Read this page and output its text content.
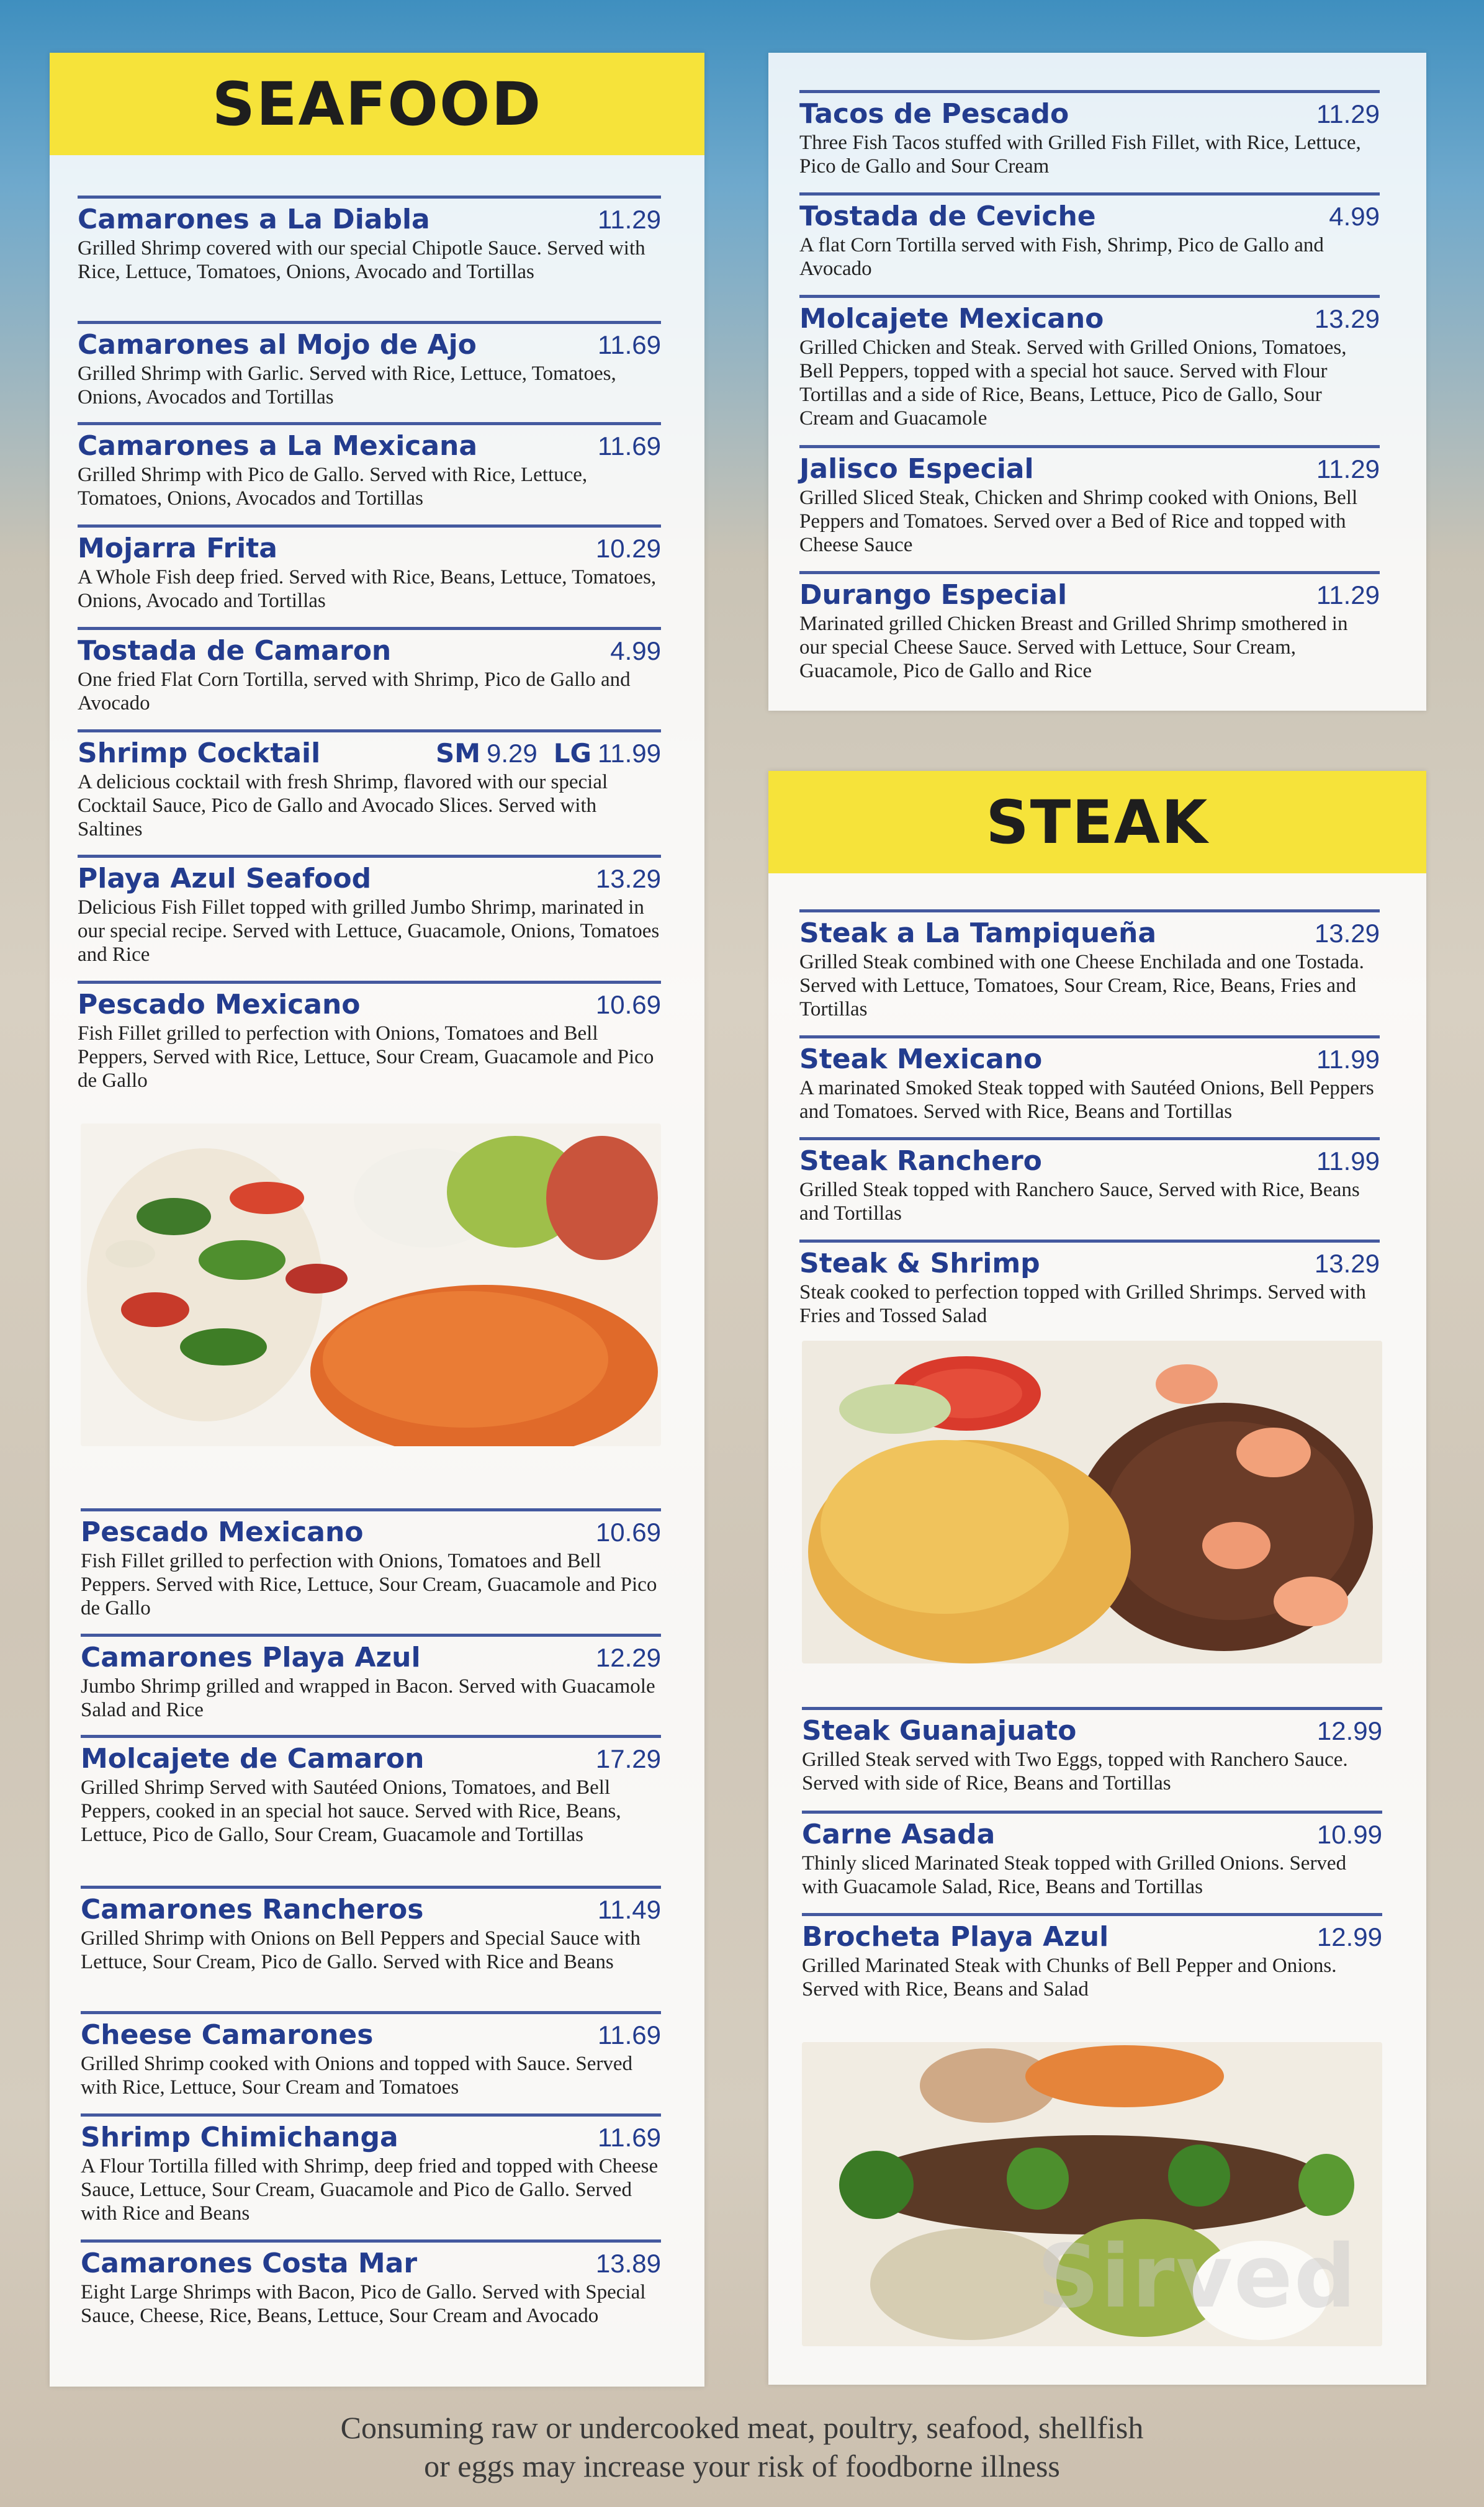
SEAFOOD
STEAK
Camarones a La Diabla	11.29
Grilled Shrimp covered with our special Chipotle Sauce. Served with Rice, Lettuce, Tomatoes, Onions, Avocado and Tortillas
Camarones al Mojo de Ajo	11.69
Grilled Shrimp with Garlic. Served with Rice, Lettuce, Tomatoes, Onions, Avocados and Tortillas
Camarones a La Mexicana	11.69
Grilled Shrimp with Pico de Gallo. Served with Rice, Lettuce, Tomatoes, Onions, Avocados and Tortillas
Mojarra Frita	10.29
A Whole Fish deep fried. Served with Rice, Beans, Lettuce, Tomatoes, Onions, Avocado and Tortillas
Tostada de Camaron	4.99
One fried Flat Corn Tortilla, served with Shrimp, Pico de Gallo and Avocado
Shrimp Cocktail	SM 9.29 LG 11.99
A delicious cocktail with fresh Shrimp, flavored with our special Cocktail Sauce, Pico de Gallo and Avocado Slices. Served with Saltines
Playa Azul Seafood	13.29
Delicious Fish Fillet topped with grilled Jumbo Shrimp, marinated in our special recipe. Served with Lettuce, Guacamole, Onions, Tomatoes and Rice
Pescado Mexicano	10.69
Fish Fillet grilled to perfection with Onions, Tomatoes and Bell Peppers, Served with Rice, Lettuce, Sour Cream, Guacamole and Pico de Gallo
Pescado Mexicano	10.69
Fish Fillet grilled to perfection with Onions, Tomatoes and Bell Peppers. Served with Rice, Lettuce, Sour Cream, Guacamole and Pico de Gallo
Camarones Playa Azul	12.29
Jumbo Shrimp grilled and wrapped in Bacon. Served with Guacamole Salad and Rice
Molcajete de Camaron	17.29
Grilled Shrimp Served with Sautéed Onions, Tomatoes, and Bell Peppers, cooked in an special hot sauce. Served with Rice, Beans, Lettuce, Pico de Gallo, Sour Cream, Guacamole and Tortillas
Camarones Rancheros	11.49
Grilled Shrimp with Onions on Bell Peppers and Special Sauce with Lettuce, Sour Cream, Pico de Gallo. Served with Rice and Beans
Cheese Camarones	11.69
Grilled Shrimp cooked with Onions and topped with Sauce. Served with Rice, Lettuce, Sour Cream and Tomatoes
Shrimp Chimichanga	11.69
A Flour Tortilla filled with Shrimp, deep fried and topped with Cheese Sauce, Lettuce, Sour Cream, Guacamole and Pico de Gallo. Served with Rice and Beans
Camarones Costa Mar	13.89
Eight Large Shrimps with Bacon, Pico de Gallo. Served with Special Sauce, Cheese, Rice, Beans, Lettuce, Sour Cream and Avocado
Tacos de Pescado	11.29
Three Fish Tacos stuffed with Grilled Fish Fillet, with Rice, Lettuce, Pico de Gallo and Sour Cream
Tostada de Ceviche	4.99
A flat Corn Tortilla served with Fish, Shrimp, Pico de Gallo and Avocado
Molcajete Mexicano	13.29
Grilled Chicken and Steak. Served with Grilled Onions, Tomatoes, Bell Peppers, topped with a special hot sauce. Served with Flour Tortillas and a side of Rice, Beans, Lettuce, Pico de Gallo, Sour Cream and Guacamole
Jalisco Especial	11.29
Grilled Sliced Steak, Chicken and Shrimp cooked with Onions, Bell Peppers and Tomatoes. Served over a Bed of Rice and topped with Cheese Sauce
Durango Especial	11.29
Marinated grilled Chicken Breast and Grilled Shrimp smothered in our special Cheese Sauce. Served with Lettuce, Sour Cream, Guacamole, Pico de Gallo and Rice
Steak a La Tampiqueña	13.29
Grilled Steak combined with one Cheese Enchilada and one Tostada. Served with Lettuce, Tomatoes, Sour Cream, Rice, Beans, Fries and Tortillas
Steak Mexicano	11.99
A marinated Smoked Steak topped with Sautéed Onions, Bell Peppers and Tomatoes. Served with Rice, Beans and Tortillas
Steak Ranchero	11.99
Grilled Steak topped with Ranchero Sauce, Served with Rice, Beans and Tortillas
Steak & Shrimp	13.29
Steak cooked to perfection topped with Grilled Shrimps. Served with Fries and Tossed Salad
Steak Guanajuato	12.99
Grilled Steak served with Two Eggs, topped with Ranchero Sauce. Served with side of Rice, Beans and Tortillas
Carne Asada	10.99
Thinly sliced Marinated Steak topped with Grilled Onions. Served with Guacamole Salad, Rice, Beans and Tortillas
Brocheta Playa Azul	12.99
Grilled Marinated Steak with Chunks of Bell Pepper and Onions. Served with Rice, Beans and Salad
Sirved
Consuming raw or undercooked meat, poultry, seafood, shellfish
or eggs may increase your risk of foodborne illness
